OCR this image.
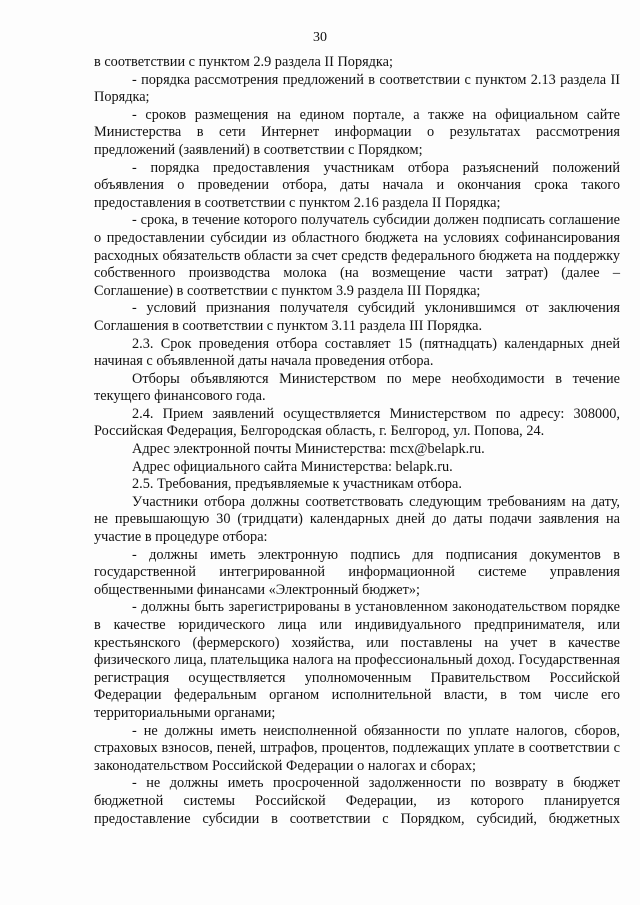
30

в соответствии с пунктом 2.9 раздела II Порядка;

- порядка рассмотрения предложений в соответствии с пунктом 2.13 раздела II Порядка;

- сроков размещения на едином портале, а также на официальном сайте Министерства в сети Интернет информации о результатах рассмотрения предложений (заявлений) в соответствии с Порядком;

- порядка предоставления участникам отбора разъяснений положений объявления о проведении отбора, даты начала и окончания срока такого предоставления в соответствии с пунктом 2.16 раздела II Порядка;

- срока, в течение которого получатель субсидии должен подписать соглашение о предоставлении субсидии из областного бюджета на условиях софинансирования расходных обязательств области за счет средств федерального бюджета на поддержку собственного производства молока (на возмещение части затрат) (далее – Соглашение) в соответствии с пунктом 3.9 раздела III Порядка;

- условий признания получателя субсидий уклонившимся от заключения Соглашения в соответствии с пунктом 3.11 раздела III Порядка.

2.3. Срок проведения отбора составляет 15 (пятнадцать) календарных дней начиная с объявленной даты начала проведения отбора.

Отборы объявляются Министерством по мере необходимости в течение текущего финансового года.

2.4. Прием заявлений осуществляется Министерством по адресу: 308000, Российская Федерация, Белгородская область, г. Белгород, ул. Попова, 24.

Адрес электронной почты Министерства: mcx@belapk.ru.

Адрес официального сайта Министерства: belapk.ru.

2.5. Требования, предъявляемые к участникам отбора.

Участники отбора должны соответствовать следующим требованиям на дату, не превышающую 30 (тридцати) календарных дней до даты подачи заявления на участие в процедуре отбора:

- должны иметь электронную подпись для подписания документов в государственной интегрированной информационной системе управления общественными финансами «Электронный бюджет»;

- должны быть зарегистрированы в установленном законодательством порядке в качестве юридического лица или индивидуального предпринимателя, или крестьянского (фермерского) хозяйства, или поставлены на учет в качестве физического лица, плательщика налога на профессиональный доход. Государственная регистрация осуществляется уполномоченным Правительством Российской Федерации федеральным органом исполнительной власти, в том числе его территориальными органами;

- не должны иметь неисполненной обязанности по уплате налогов, сборов, страховых взносов, пеней, штрафов, процентов, подлежащих уплате в соответствии с законодательством Российской Федерации о налогах и сборах;

- не должны иметь просроченной задолженности по возврату в бюджет бюджетной системы Российской Федерации, из которого планируется предоставление субсидии в соответствии с Порядком, субсидий, бюджетных
